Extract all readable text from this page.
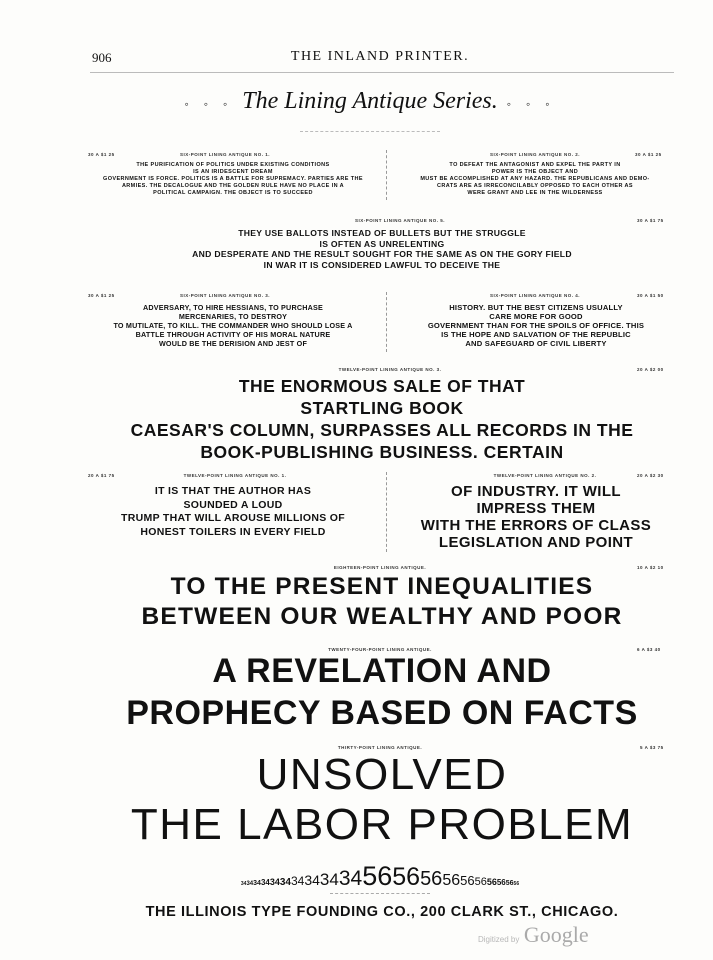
906	THE INLAND PRINTER.
◦ ◦ ◦ The Lining Antique Series. ◦ ◦ ◦
30 A $1 25	SIX-POINT LINING ANTIQUE NO. 1.
THE PURIFICATION OF POLITICS UNDER EXISTING CONDITIONS
IS AN IRIDESCENT DREAM
GOVERNMENT IS FORCE. POLITICS IS A BATTLE FOR SUPREMACY. PARTIES ARE THE
ARMIES. THE DECALOGUE AND THE GOLDEN RULE HAVE NO PLACE IN A
POLITICAL CAMPAIGN. THE OBJECT IS TO SUCCEED
SIX-POINT LINING ANTIQUE NO. 2.	30 A $1 25
TO DEFEAT THE ANTAGONIST AND EXPEL THE PARTY IN
POWER IS THE OBJECT AND
MUST BE ACCOMPLISHED AT ANY HAZARD. THE REPUBLICANS AND DEMO-
CRATS ARE AS IRRECONCILABLY OPPOSED TO EACH OTHER AS
WERE GRANT AND LEE IN THE WILDERNESS
SIX-POINT LINING ANTIQUE NO. 5.	30 A $1 75
THEY USE BALLOTS INSTEAD OF BULLETS BUT THE STRUGGLE
IS OFTEN AS UNRELENTING
AND DESPERATE AND THE RESULT SOUGHT FOR THE SAME AS ON THE GORY FIELD
IN WAR IT IS CONSIDERED LAWFUL TO DECEIVE THE
30 A $1 25	SIX-POINT LINING ANTIQUE NO. 3.
ADVERSARY, TO HIRE HESSIANS, TO PURCHASE
MERCENARIES, TO DESTROY
TO MUTILATE, TO KILL. THE COMMANDER WHO SHOULD LOSE A
BATTLE THROUGH ACTIVITY OF HIS MORAL NATURE
WOULD BE THE DERISION AND JEST OF
SIX-POINT LINING ANTIQUE NO. 4.	30 A $1 50
HISTORY. BUT THE BEST CITIZENS USUALLY
CARE MORE FOR GOOD
GOVERNMENT THAN FOR THE SPOILS OF OFFICE. THIS
IS THE HOPE AND SALVATION OF THE REPUBLIC
AND SAFEGUARD OF CIVIL LIBERTY
TWELVE-POINT LINING ANTIQUE NO. 3.	20 A $2 00
THE ENORMOUS SALE OF THAT
STARTLING BOOK
CAESAR'S COLUMN, SURPASSES ALL RECORDS IN THE
BOOK-PUBLISHING BUSINESS. CERTAIN
20 A $1 75	TWELVE-POINT LINING ANTIQUE NO. 1.
IT IS THAT THE AUTHOR HAS
SOUNDED A LOUD
TRUMP THAT WILL AROUSE MILLIONS OF
HONEST TOILERS IN EVERY FIELD
TWELVE-POINT LINING ANTIQUE NO. 2.	20 A $2 30
OF INDUSTRY. IT WILL
IMPRESS THEM
WITH THE ERRORS OF CLASS
LEGISLATION AND POINT
EIGHTEEN-POINT LINING ANTIQUE.	10 A $2 10
TO THE PRESENT INEQUALITIES
BETWEEN OUR WEALTHY AND POOR
TWENTY-FOUR-POINT LINING ANTIQUE.	6 A $3 40
A REVELATION AND
PROPHECY BASED ON FACTS
THIRTY-POINT LINING ANTIQUE.	5 A $3 75
UNSOLVED
THE LABOR PROBLEM
3434343434343434343456565656565656565656
THE ILLINOIS TYPE FOUNDING CO., 200 CLARK ST., CHICAGO.
Digitized by Google
